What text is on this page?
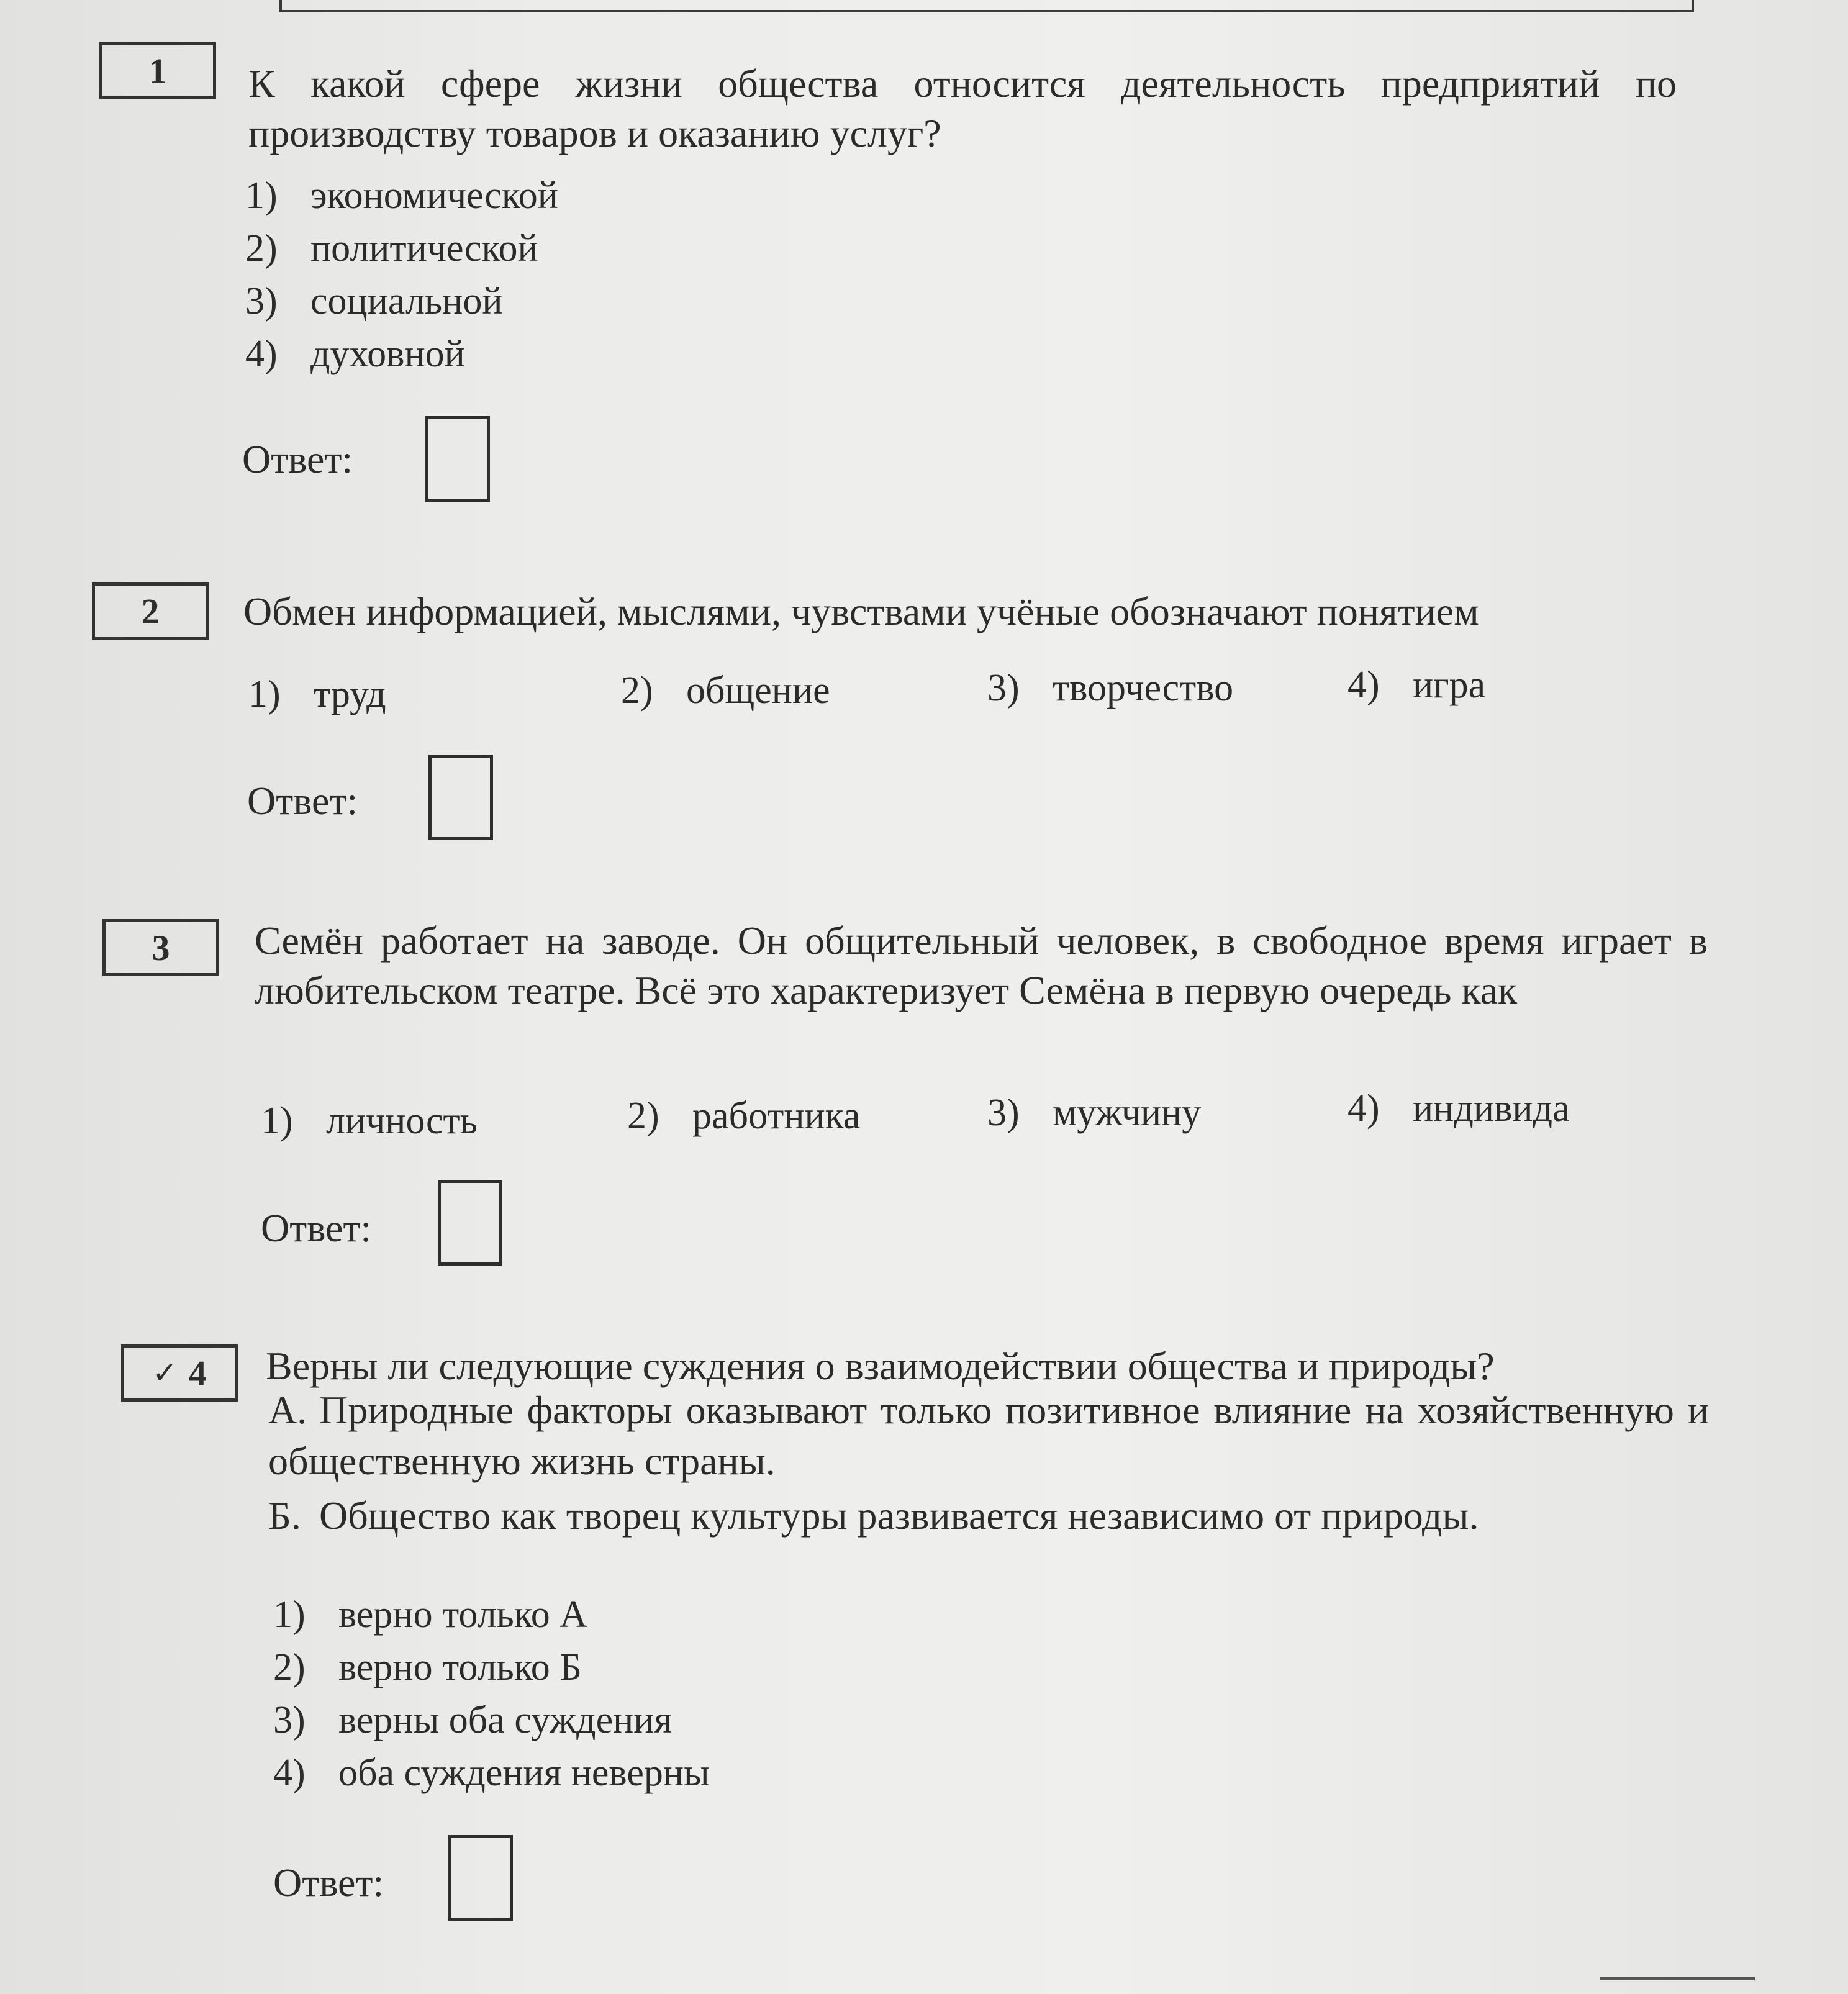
1 К какой сфере жизни общества относится деятельность предприятий по производству товаров и оказанию услуг?
1) экономической
2) политической
3) социальной
4) духовной
Ответ:
2 Обмен информацией, мыслями, чувствами учёные обозначают понятием
1) труд	2) общение	3) творчество	4) игра
Ответ:
3 Семён работает на заводе. Он общительный человек, в свободное время играет в любительском театре. Всё это характеризует Семёна в первую очередь как
1) личность	2) работника	3) мужчину	4) индивида
Ответ:
✓ 4 Верны ли следующие суждения о взаимодействии общества и природы?
А. Природные факторы оказывают только позитивное влияние на хозяйственную и общественную жизнь страны.
Б. Общество как творец культуры развивается независимо от природы.
1) верно только А
2) верно только Б
3) верны оба суждения
4) оба суждения неверны
Ответ:
